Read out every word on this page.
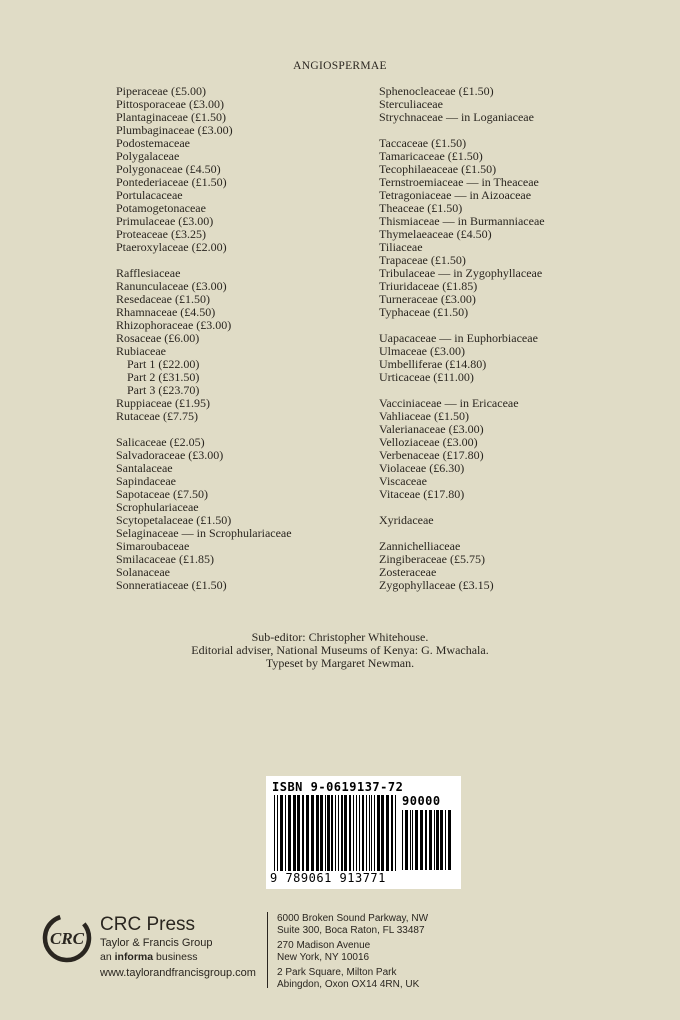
ANGIOSPERMAE
Piperaceae (£5.00)
Pittosporaceae (£3.00)
Plantaginaceae (£1.50)
Plumbaginaceae (£3.00)
Podostemaceae
Polygalaceae
Polygonaceae (£4.50)
Pontederiaceae (£1.50)
Portulacaceae
Potamogetonaceae
Primulaceae (£3.00)
Proteaceae (£3.25)
Ptaeroxylaceae (£2.00)
Rafflesiaceae
Ranunculaceae (£3.00)
Resedaceae (£1.50)
Rhamnaceae (£4.50)
Rhizophoraceae (£3.00)
Rosaceae (£6.00)
Rubiaceae
Part 1 (£22.00)
Part 2 (£31.50)
Part 3 (£23.70)
Ruppiaceae (£1.95)
Rutaceae (£7.75)
Salicaceae (£2.05)
Salvadoraceae (£3.00)
Santalaceae
Sapindaceae
Sapotaceae (£7.50)
Scrophulariaceae
Scytopetalaceae (£1.50)
Selaginaceae — in Scrophulariaceae
Simaroubaceae
Smilacaceae (£1.85)
Solanaceae
Sonneratiaceae (£1.50)
Sphenocleaceae (£1.50)
Sterculiaceae
Strychnaceae — in Loganiaceae
Taccaceae (£1.50)
Tamaricaceae (£1.50)
Tecophilaeaceae (£1.50)
Ternstroemiaceae — in Theaceae
Tetragoniaceae — in Aizoaceae
Theaceae (£1.50)
Thismiaceae — in Burmanniaceae
Thymelaeaceae (£4.50)
Tiliaceae
Trapaceae (£1.50)
Tribulaceae — in Zygophyllaceae
Triuridaceae (£1.85)
Turneraceae (£3.00)
Typhaceae (£1.50)
Uapacaceae — in Euphorbiaceae
Ulmaceae (£3.00)
Umbelliferae (£14.80)
Urticaceae (£11.00)
Vacciniaceae — in Ericaceae
Vahliaceae (£1.50)
Valerianaceae (£3.00)
Velloziaceae (£3.00)
Verbenaceae (£17.80)
Violaceae (£6.30)
Viscaceae
Vitaceae (£17.80)
Xyridaceae
Zannichelliaceae
Zingiberaceae (£5.75)
Zosteraceae
Zygophyllaceae (£3.15)
Sub-editor: Christopher Whitehouse.
Editorial adviser, National Museums of Kenya: G. Mwachala.
Typeset by Margaret Newman.
ISBN 9-0619137-72
90000
9 789061 913771
CRC
CRC Press
Taylor & Francis Group
an informa business
www.taylorandfrancisgroup.com
6000 Broken Sound Parkway, NW
Suite 300, Boca Raton, FL 33487
270 Madison Avenue
New York, NY 10016
2 Park Square, Milton Park
Abingdon, Oxon OX14 4RN, UK
